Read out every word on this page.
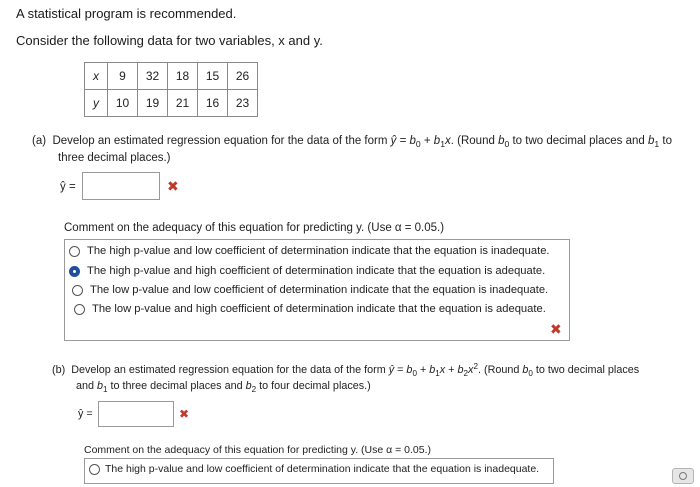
A statistical program is recommended.
Consider the following data for two variables, x and y.
x	9	32	18	15	26
y	10	19	21	16	23
(a) Develop an estimated regression equation for the data of the form ŷ = $b_0 + b_1x$. (Round $b_0$ to two decimal places and $b_1$ to
three decimal places.)
ŷ =	✖
Comment on the adequacy of this equation for predicting y. (Use α = 0.05.)
The high p-value and low coefficient of determination indicate that the equation is inadequate.
The high p-value and high coefficient of determination indicate that the equation is adequate.
The low p-value and low coefficient of determination indicate that the equation is inadequate.
The low p-value and high coefficient of determination indicate that the equation is adequate.
✖
(b) Develop an estimated regression equation for the data of the form ŷ = $b_0 + b_1x + b_2x^2$. (Round $b_0$ to two decimal places
and $b_1$ to three decimal places and $b_2$ to four decimal places.)
ŷ =	✖
Comment on the adequacy of this equation for predicting y. (Use α = 0.05.)
The high p-value and low coefficient of determination indicate that the equation is inadequate.
